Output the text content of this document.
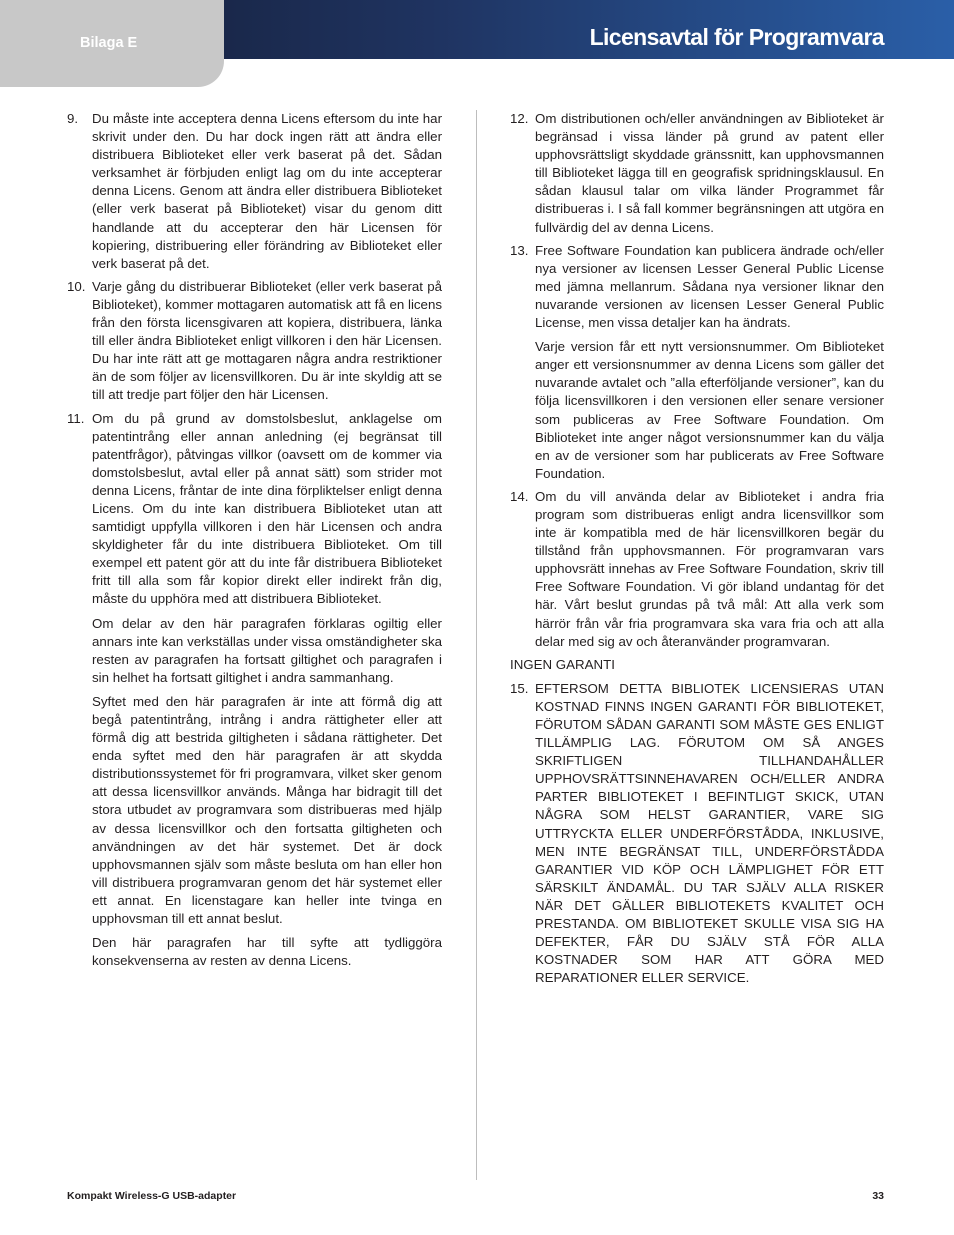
Bilaga E	Licensavtal för Programvara
9.	Du måste inte acceptera denna Licens eftersom du inte har skrivit under den. Du har dock ingen rätt att ändra eller distribuera Biblioteket eller verk baserat på det. Sådan verksamhet är förbjuden enligt lag om du inte accepterar denna Licens. Genom att ändra eller distribuera Biblioteket (eller verk baserat på Biblioteket) visar du genom ditt handlande att du accepterar den här Licensen för kopiering, distribuering eller förändring av Biblioteket eller verk baserat på det.

10. Varje gång du distribuerar Biblioteket (eller verk baserat på Biblioteket), kommer mottagaren automatisk att få en licens från den första licensgivaren att kopiera, distribuera, länka till eller ändra Biblioteket enligt villkoren i den här Licensen. Du har inte rätt att ge mottagaren några andra restriktioner än de som följer av licensvillkoren. Du är inte skyldig att se till att tredje part följer den här Licensen.

11. Om du på grund av domstolsbeslut, anklagelse om patentintrång eller annan anledning (ej begränsat till patentfrågor), påtvingas villkor (oavsett om de kommer via domstolsbeslut, avtal eller på annat sätt) som strider mot denna Licens, fråntar de inte dina förpliktelser enligt denna Licens. Om du inte kan distribuera Biblioteket utan att samtidigt uppfylla villkoren i den här Licensen och andra skyldigheter får du inte distribuera Biblioteket. Om till exempel ett patent gör att du inte får distribuera Biblioteket fritt till alla som får kopior direkt eller indirekt från dig, måste du upphöra med att distribuera Biblioteket.

Om delar av den här paragrafen förklaras ogiltig eller annars inte kan verkställas under vissa omständigheter ska resten av paragrafen ha fortsatt giltighet och paragrafen i sin helhet ha fortsatt giltighet i andra sammanhang.

Syftet med den här paragrafen är inte att förmå dig att begå patentintrång, intrång i andra rättigheter eller att förmå dig att bestrida giltigheten i sådana rättigheter. Det enda syftet med den här paragrafen är att skydda distributionssystemet för fri programvara, vilket sker genom att dessa licensvillkor används. Många har bidragit till det stora utbudet av programvara som distribueras med hjälp av dessa licensvillkor och den fortsatta giltigheten och användningen av det här systemet. Det är dock upphovsmannen själv som måste besluta om han eller hon vill distribuera programvaran genom det här systemet eller ett annat. En licenstagare kan heller inte tvinga en upphovsman till ett annat beslut.

Den här paragrafen har till syfte att tydliggöra konsekvenserna av resten av denna Licens.

12. Om distributionen och/eller användningen av Biblioteket är begränsad i vissa länder på grund av patent eller upphovsrättsligt skyddade gränssnitt, kan upphovsmannen till Biblioteket lägga till en geografisk spridningsklausul. En sådan klausul talar om vilka länder Programmet får distribueras i. I så fall kommer begränsningen att utgöra en fullvärdig del av denna Licens.

13. Free Software Foundation kan publicera ändrade och/eller nya versioner av licensen Lesser General Public License med jämna mellanrum. Sådana nya versioner liknar den nuvarande versionen av licensen Lesser General Public License, men vissa detaljer kan ha ändrats.

Varje version får ett nytt versionsnummer. Om Biblioteket anger ett versionsnummer av denna Licens som gäller det nuvarande avtalet och ”alla efterföljande versioner”, kan du följa licensvillkoren i den versionen eller senare versioner som publiceras av Free Software Foundation. Om Biblioteket inte anger något versionsnummer kan du välja en av de versioner som har publicerats av Free Software Foundation.

14. Om du vill använda delar av Biblioteket i andra fria program som distribueras enligt andra licensvillkor som inte är kompatibla med de här licensvillkoren begär du tillstånd från upphovsmannen. För programvaran vars upphovsrätt innehas av Free Software Foundation, skriv till Free Software Foundation. Vi gör ibland undantag för det här. Vårt beslut grundas på två mål: Att alla verk som härrör från vår fria programvara ska vara fria och att alla delar med sig av och återanvänder programvaran.

INGEN GARANTI

15. EFTERSOM DETTA BIBLIOTEK LICENSIERAS UTAN KOSTNAD FINNS INGEN GARANTI FÖR BIBLIOTEKET, FÖRUTOM SÅDAN GARANTI SOM MÅSTE GES ENLIGT TILLÄMPLIG LAG. FÖRUTOM OM SÅ ANGES SKRIFTLIGEN TILLHANDAHÅLLER UPPHOVSRÄTTSINNEHAVAREN OCH/ELLER ANDRA PARTER BIBLIOTEKET I BEFINTLIGT SKICK, UTAN NÅGRA SOM HELST GARANTIER, VARE SIG UTTRYCKTA ELLER UNDERFÖRSTÅDDA, INKLUSIVE, MEN INTE BEGRÄNSAT TILL, UNDERFÖRSTÅDDA GARANTIER VID KÖP OCH LÄMPLIGHET FÖR ETT SÄRSKILT ÄNDAMÅL. DU TAR SJÄLV ALLA RISKER NÄR DET GÄLLER BIBLIOTEKETS KVALITET OCH PRESTANDA. OM BIBLIOTEKET SKULLE VISA SIG HA DEFEKTER, FÅR DU SJÄLV STÅ FÖR ALLA KOSTNADER SOM HAR ATT GÖRA MED REPARATIONER ELLER SERVICE.

Kompakt Wireless-G USB-adapter	33
